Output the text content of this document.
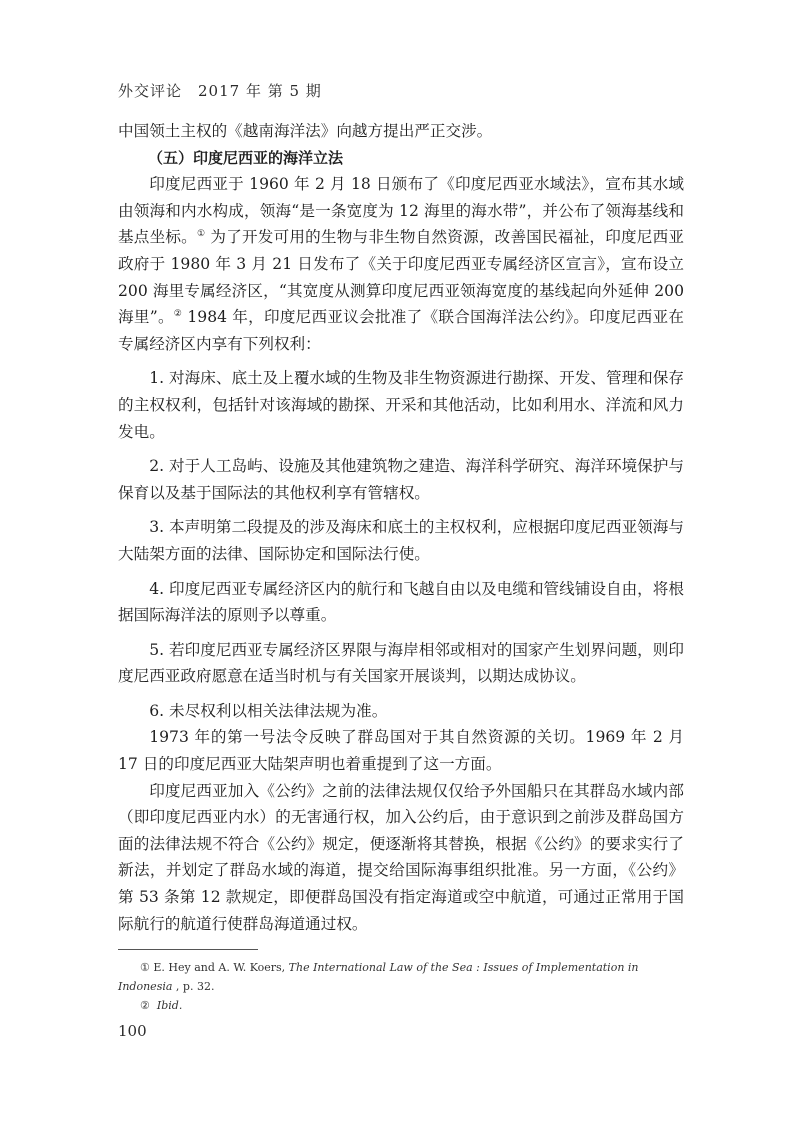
外交评论　2017 年 第 5 期

中国领土主权的《越南海洋法》向越方提出严正交涉。

（五）印度尼西亚的海洋立法

印度尼西亚于 1960 年 2 月 18 日颁布了《印度尼西亚水域法》，宣布其水域由领海和内水构成，领海“是一条宽度为 12 海里的海水带”，并公布了领海基线和基点坐标。① 为了开发可用的生物与非生物自然资源，改善国民福祉，印度尼西亚政府于 1980 年 3 月 21 日发布了《关于印度尼西亚专属经济区宣言》，宣布设立 200 海里专属经济区，“其宽度从测算印度尼西亚领海宽度的基线起向外延伸 200 海里”。② 1984 年，印度尼西亚议会批准了《联合国海洋法公约》。印度尼西亚在专属经济区内享有下列权利：

1. 对海床、底土及上覆水域的生物及非生物资源进行勘探、开发、管理和保存的主权权利，包括针对该海域的勘探、开采和其他活动，比如利用水、洋流和风力发电。

2. 对于人工岛屿、设施及其他建筑物之建造、海洋科学研究、海洋环境保护与保育以及基于国际法的其他权利享有管辖权。

3. 本声明第二段提及的涉及海床和底土的主权权利，应根据印度尼西亚领海与大陆架方面的法律、国际协定和国际法行使。

4. 印度尼西亚专属经济区内的航行和飞越自由以及电缆和管线铺设自由，将根据国际海洋法的原则予以尊重。

5. 若印度尼西亚专属经济区界限与海岸相邻或相对的国家产生划界问题，则印度尼西亚政府愿意在适当时机与有关国家开展谈判，以期达成协议。

6. 未尽权利以相关法律法规为准。

1973 年的第一号法令反映了群岛国对于其自然资源的关切。1969 年 2 月 17 日的印度尼西亚大陆架声明也着重提到了这一方面。

印度尼西亚加入《公约》之前的法律法规仅仅给予外国船只在其群岛水域内部（即印度尼西亚内水）的无害通行权，加入公约后，由于意识到之前涉及群岛国方面的法律法规不符合《公约》规定，便逐渐将其替换，根据《公约》的要求实行了新法，并划定了群岛水域的海道，提交给国际海事组织批准。另一方面，《公约》第 53 条第 12 款规定，即便群岛国没有指定海道或空中航道，可通过正常用于国际航行的航道行使群岛海道通过权。

① E. Hey and A. W. Koers, The International Law of the Sea : Issues of Implementation in Indonesia , p. 32.

② Ibid.

100
